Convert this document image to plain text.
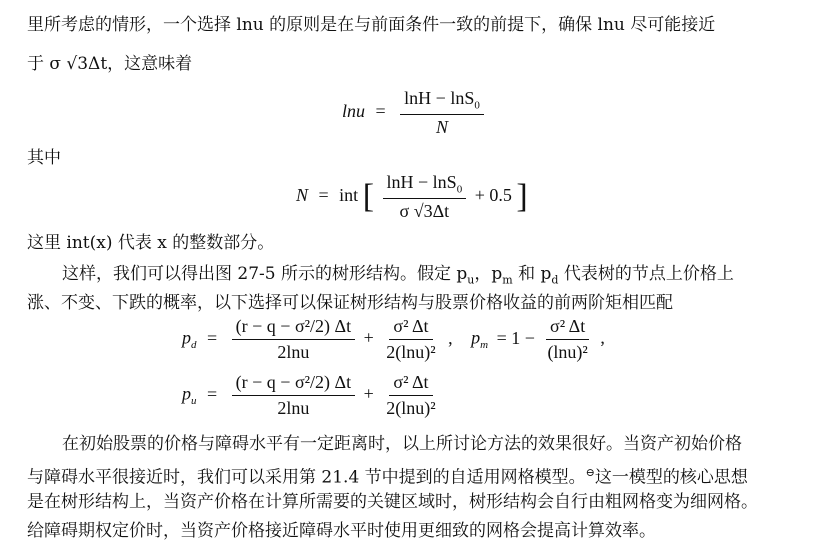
里所考虑的情形，一个选择 lnu 的原则是在与前面条件一致的前提下，确保 lnu 尽可能接近
于 σ √3Δt，这意味着
$\ln u = \frac{\ln H - \ln S_0}{N}$
其中
N = int [ $\frac{\ln H - \ln S_0}{\sigma √3\Delta t} + 0.5$ ]
这里 int(x) 代表 x 的整数部分。
这样，我们可以得出图 27-5 所示的树形结构。假定 $p_u$，$p_m$ 和 $p_d$ 代表树的节点上价格上
涨、不变、下跌的概率，以下选择可以保证树形结构与股票价格收益的前两阶矩相匹配
$p_d = \frac{\text{(r − q − σ²/2) Δt}}{2\ln u} + \frac{\text{σ² Δt}}{\text{2(lnu)²}}$ , $p_m = 1 - \frac{\text{σ² Δt}}{\text{(lnu)²}}$ ,
$p_u = \frac{\text{(r − q − σ²/2) Δt}}{2\ln u} + \frac{\text{σ² Δt}}{\text{2(lnu)²}}$
在初始股票的价格与障碍水平有一定距离时，以上所讨论方法的效果很好。当资产初始价格
与障碍水平很接近时，我们可以采用第 21.4 节中提到的自适用网格模型。⊖这一模型的核心思想
是在树形结构上，当资产价格在计算所需要的关键区域时，树形结构会自行由粗网格变为细网格。
给障碍期权定价时，当资产价格接近障碍水平时使用更细致的网格会提高计算效率。
